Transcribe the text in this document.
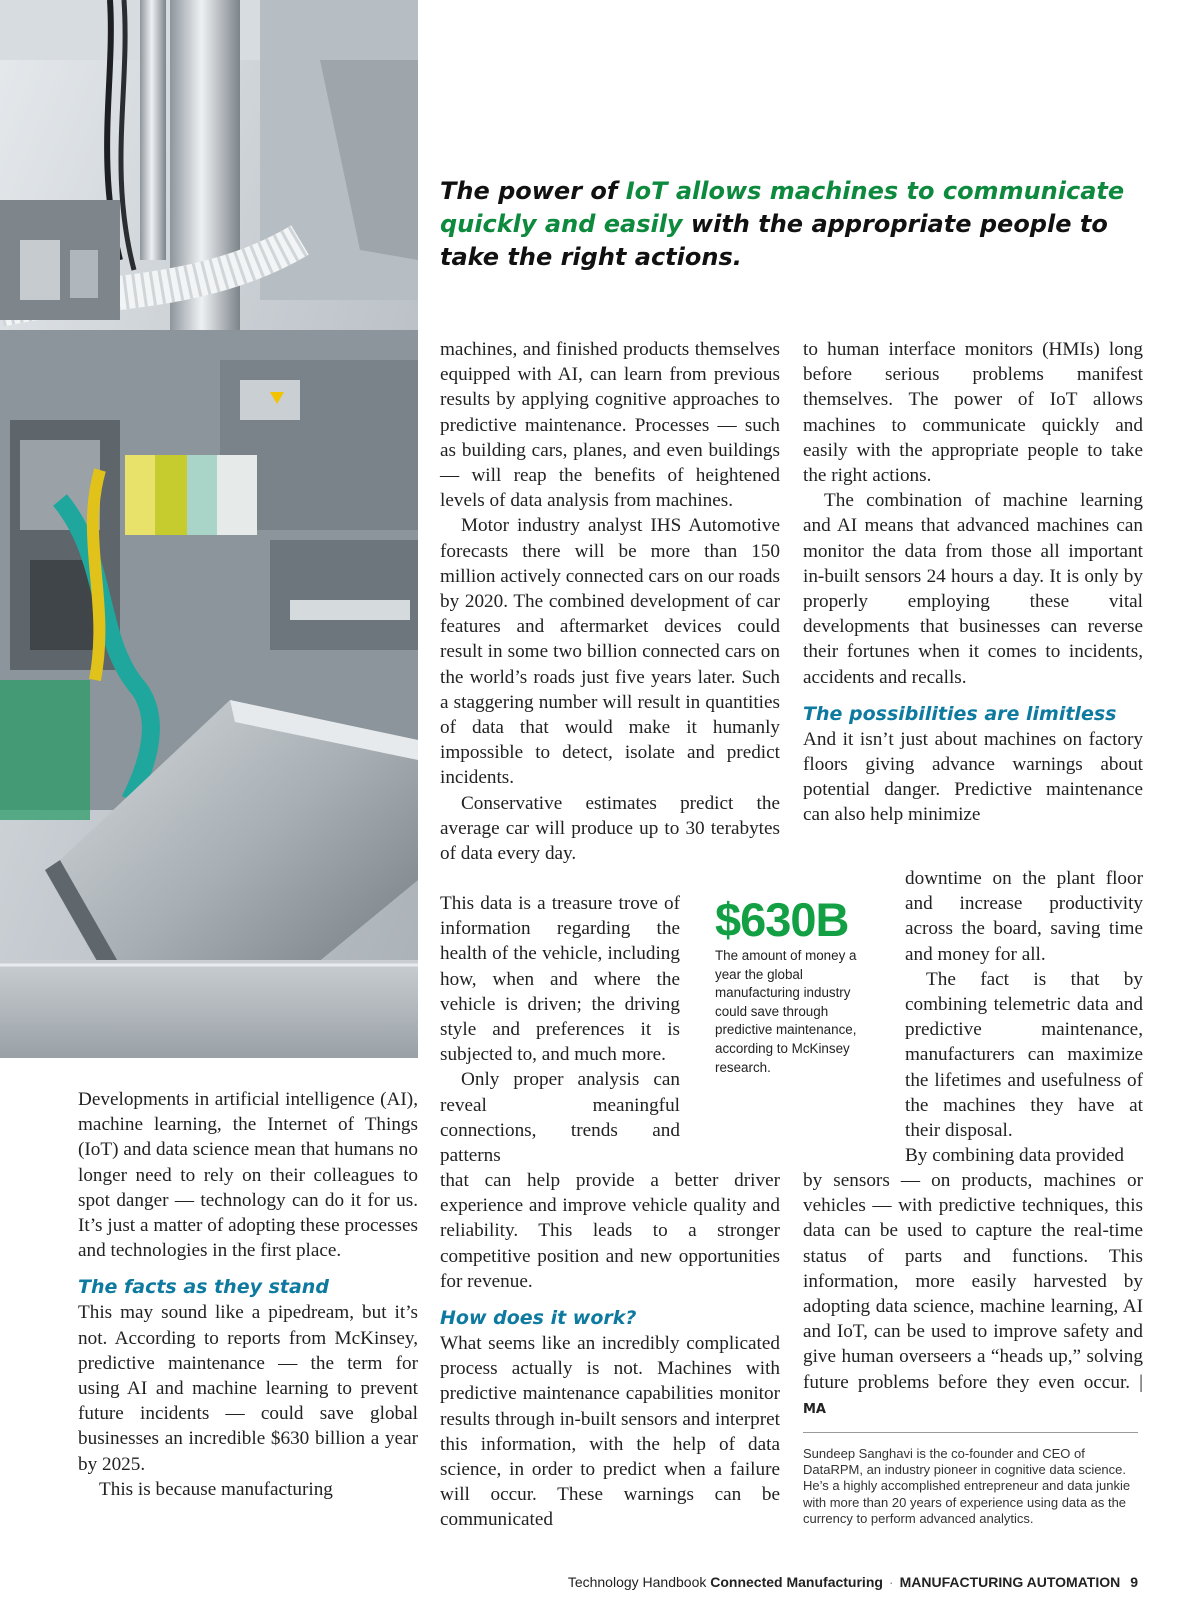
The power of IoT allows machines to communicate quickly and easily with the appropriate people to take the right actions.

Developments in artificial intelligence (AI), machine learning, the Internet of Things (IoT) and data science mean that humans no longer need to rely on their colleagues to spot danger — technology can do it for us. It’s just a matter of adopting these processes and technologies in the first place.

The facts as they stand

This may sound like a pipedream, but it’s not. According to reports from McKinsey, predictive maintenance — the term for using AI and machine learning to prevent future incidents — could save global businesses an incredible $630 billion a year by 2025.

This is because manufacturing

machines, and finished products themselves equipped with AI, can learn from previous results by applying cognitive approaches to predictive maintenance. Processes — such as building cars, planes, and even buildings — will reap the benefits of heightened levels of data analysis from machines.

Motor industry analyst IHS Automotive forecasts there will be more than 150 million actively connected cars on our roads by 2020. The combined development of car features and aftermarket devices could result in some two billion connected cars on the world’s roads just five years later. Such a staggering number will result in quantities of data that would make it humanly impossible to detect, isolate and predict incidents.

Conservative estimates predict the average car will produce up to 30 terabytes of data every day.

This data is a treasure trove of information regarding the health of the vehicle, including how, when and where the vehicle is driven; the driving style and preferences it is subjected to, and much more.

Only proper analysis can reveal meaningful connections, trends and patterns

that can help provide a better driver experience and improve vehicle quality and reliability. This leads to a stronger competitive position and new opportunities for revenue.

How does it work?

What seems like an incredibly complicated process actually is not. Machines with predictive maintenance capabilities monitor results through in-built sensors and interpret this information, with the help of data science, in order to predict when a failure will occur. These warnings can be communicated

to human interface monitors (HMIs) long before serious problems manifest themselves. The power of IoT allows machines to communicate quickly and easily with the appropriate people to take the right actions.

The combination of machine learning and AI means that advanced machines can monitor the data from those all important in-built sensors 24 hours a day. It is only by properly employing these vital developments that businesses can reverse their fortunes when it comes to incidents, accidents and recalls.

The possibilities are limitless

And it isn’t just about machines on factory floors giving advance warnings about potential danger. Predictive maintenance can also help minimize

downtime on the plant floor and increase productivity across the board, saving time and money for all.

The fact is that by combining telemetric data and predictive maintenance, manufacturers can maximize the lifetimes and usefulness of the machines they have at their disposal.

By combining data provided

by sensors — on products, machines or vehicles — with predictive techniques, this data can be used to capture the real-time status of parts and functions. This information, more easily harvested by adopting data science, machine learning, AI and IoT, can be used to improve safety and give human overseers a “heads up,” solving future problems before they even occur. | MA

$630B
The amount of money a year the global manufacturing industry could save through predictive maintenance, according to McKinsey research.
Sundeep Sanghavi is the co-founder and CEO of DataRPM, an industry pioneer in cognitive data science. He’s a highly accomplished entrepreneur and data junkie with more than 20 years of experience using data as the currency to perform advanced analytics.
Technology Handbook Connected Manufacturing · MANUFACTURING AUTOMATION 9
